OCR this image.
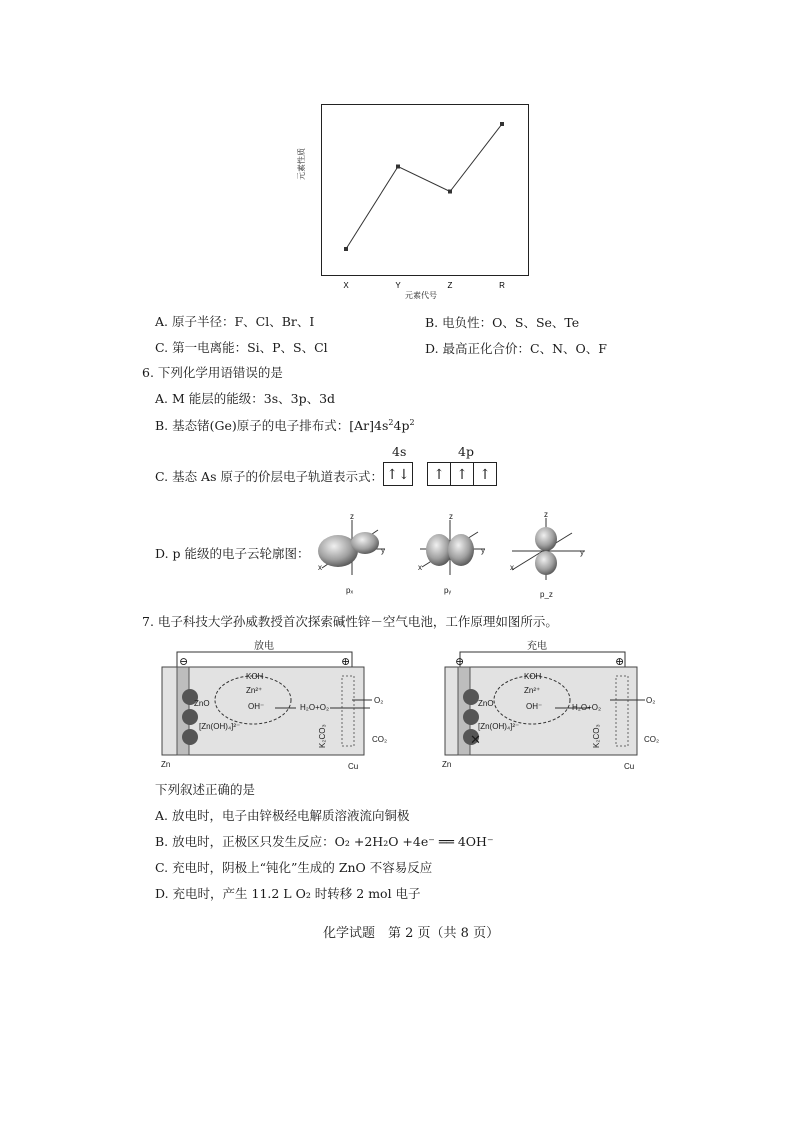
X	Y	Z	R
元素性质
元素代号
A. 原子半径：F、Cl、Br、I	B. 电负性：O、S、Se、Te
C. 第一电离能：Si、P、S、Cl	D. 最高正化合价：C、N、O、F
6. 下列化学用语错误的是
A. M 能层的能级：3s、3p、3d
B. 基态锗(Ge)原子的电子排布式：$[Ar]4s^24p^2$
C. 基态 As 原子的价层电子轨道表示式：
4s	4p
↑↓	↑ ↑ ↑
D. p 能级的电子云轮廓图：
z
y
x
z
y
x
z
y
x
pₓ	pᵧ	p_z
7. 电子科技大学孙威教授首次探索碱性锌－空气电池，工作原理如图所示。
放电
⊖	⊕
KOH
Zn²⁺
OH⁻
ZnO
[Zn(OH)₄]²⁻
H₂O+O₂
O₂
CO₂
K₂CO₃
Zn	Cu
充电
⊖	⊕
KOH
Zn²⁺
OH⁻
ZnO
[Zn(OH)₄]²⁻
✕
H₂O+O₂
O₂
CO₂
K₂CO₃
Zn	Cu
下列叙述正确的是
A. 放电时，电子由锌极经电解质溶液流向铜极
B. 放电时，正极区只发生反应：O₂ +2H₂O +4e⁻ ══ 4OH⁻
C. 充电时，阴极上“钝化”生成的 ZnO 不容易反应
D. 充电时，产生 11.2 L O₂ 时转移 2 mol 电子
化学试题　第 2 页（共 8 页）
